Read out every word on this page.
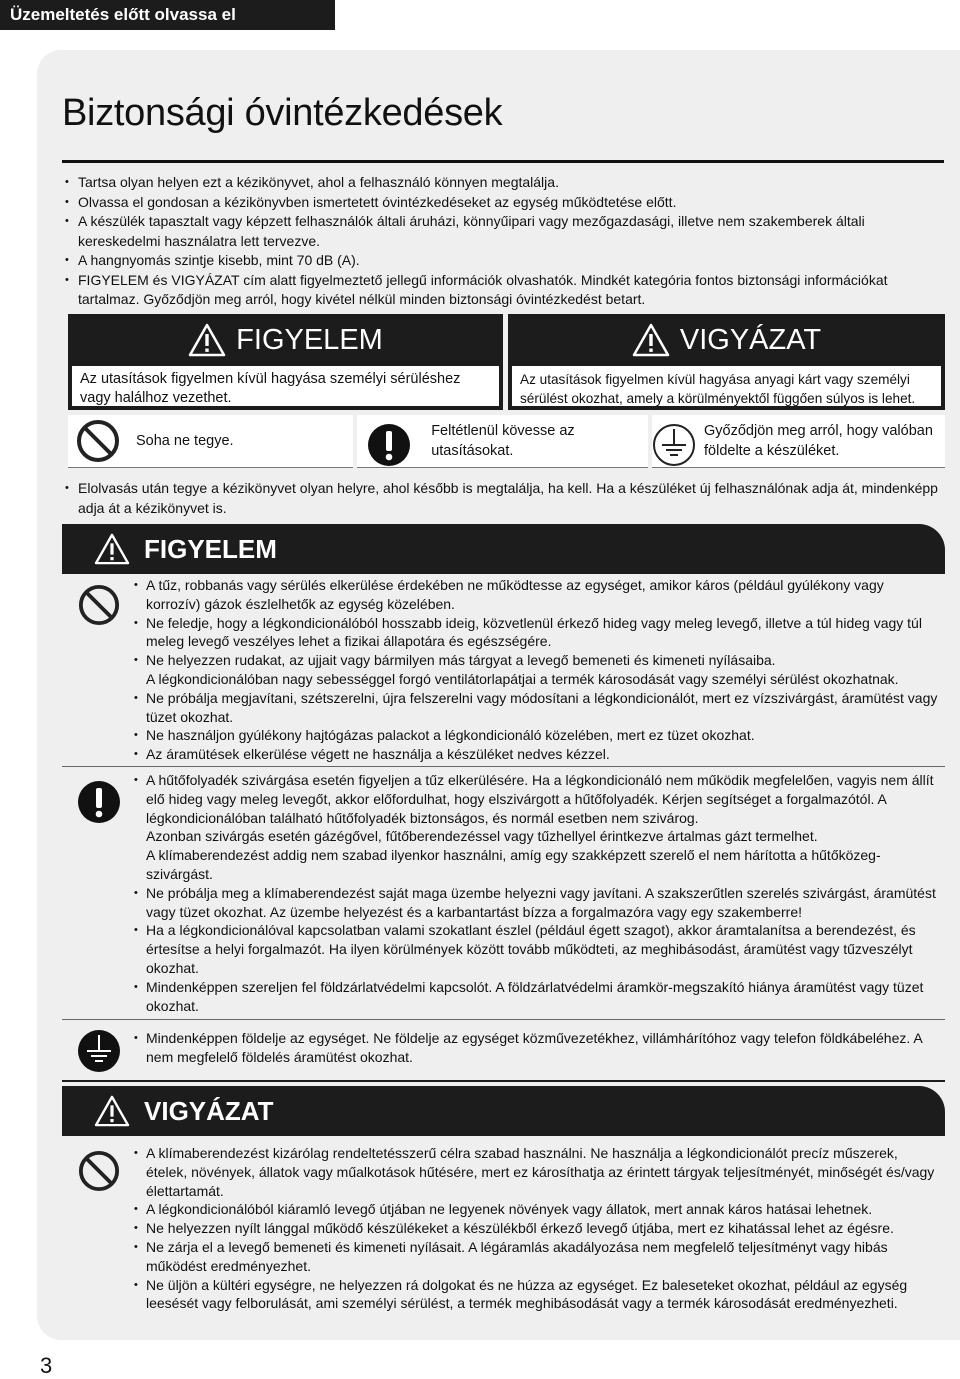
Üzemeltetés előtt olvassa el
Biztonsági óvintézkedések
• Tartsa olyan helyen ezt a kézikönyvet, ahol a felhasználó könnyen megtalálja.
• Olvassa el gondosan a kézikönyvben ismertetett óvintézkedéseket az egység működtetése előtt.
• A készülék tapasztalt vagy képzett felhasználók általi áruházi, könnyűipari vagy mezőgazdasági, illetve nem szakemberek általi kereskedelmi használatra lett tervezve.
• A hangnyomás szintje kisebb, mint 70 dB (A).
• FIGYELEM és VIGYÁZAT cím alatt figyelmeztető jellegű információk olvashatók. Mindkét kategória fontos biztonsági információkat tartalmaz. Győződjön meg arról, hogy kivétel nélkül minden biztonsági óvintézkedést betart.
FIGYELEM
Az utasítások figyelmen kívül hagyása személyi sérüléshez vagy halálhoz vezethet.
VIGYÁZAT
Az utasítások figyelmen kívül hagyása anyagi kárt vagy személyi sérülést okozhat, amely a körülményektől függően súlyos is lehet.
Soha ne tegye.
Feltétlenül kövesse az utasításokat.
Győződjön meg arról, hogy valóban földelte a készüléket.
• Elolvasás után tegye a kézikönyvet olyan helyre, ahol később is megtalálja, ha kell. Ha a készüléket új felhasználónak adja át, mindenképp adja át a kézikönyvet is.
FIGYELEM
• A tűz, robbanás vagy sérülés elkerülése érdekében ne működtesse az egységet, amikor káros (például gyúlékony vagy korrozív) gázok észlelhetők az egység közelében.
• Ne feledje, hogy a légkondicionálóból hosszabb ideig, közvetlenül érkező hideg vagy meleg levegő, illetve a túl hideg vagy túl meleg levegő veszélyes lehet a fizikai állapotára és egészségére.
• Ne helyezzen rudakat, az ujjait vagy bármilyen más tárgyat a levegő bemeneti és kimeneti nyílásaiba.
A légkondicionálóban nagy sebességgel forgó ventilátorlapátjai a termék károsodását vagy személyi sérülést okozhatnak.
• Ne próbálja megjavítani, szétszerelni, újra felszerelni vagy módosítani a légkondicionálót, mert ez vízszivárgást, áramütést vagy tüzet okozhat.
• Ne használjon gyúlékony hajtógázas palackot a légkondicionáló közelében, mert ez tüzet okozhat.
• Az áramütések elkerülése végett ne használja a készüléket nedves kézzel.
• A hűtőfolyadék szivárgása esetén figyeljen a tűz elkerülésére. Ha a légkondicionáló nem működik megfelelően, vagyis nem állít elő hideg vagy meleg levegőt, akkor előfordulhat, hogy elszivárgott a hűtőfolyadék. Kérjen segítséget a forgalmazótól. A légkondicionálóban található hűtőfolyadék biztonságos, és normál esetben nem szivárog.
Azonban szivárgás esetén gázégővel, fűtőberendezéssel vagy tűzhellyel érintkezve ártalmas gázt termelhet.
A klímaberendezést addig nem szabad ilyenkor használni, amíg egy szakképzett szerelő el nem hárította a hűtőközeg-szivárgást.
• Ne próbálja meg a klímaberendezést saját maga üzembe helyezni vagy javítani. A szakszerűtlen szerelés szivárgást, áramütést vagy tüzet okozhat. Az üzembe helyezést és a karbantartást bízza a forgalmazóra vagy egy szakemberre!
• Ha a légkondicionálóval kapcsolatban valami szokatlant észlel (például égett szagot), akkor áramtalanítsa a berendezést, és értesítse a helyi forgalmazót. Ha ilyen körülmények között tovább működteti, az meghibásodást, áramütést vagy tűzveszélyt okozhat.
• Mindenképpen szereljen fel földzárlatvédelmi kapcsolót. A földzárlatvédelmi áramkör-megszakító hiánya áramütést vagy tüzet okozhat.
• Mindenképpen földelje az egységet. Ne földelje az egységet közművezetékhez, villámhárítóhoz vagy telefon földkábeléhez. A nem megfelelő földelés áramütést okozhat.
VIGYÁZAT
• A klímaberendezést kizárólag rendeltetésszerű célra szabad használni. Ne használja a légkondicionálót precíz műszerek, ételek, növények, állatok vagy műalkotások hűtésére, mert ez károsíthatja az érintett tárgyak teljesítményét, minőségét és/vagy élettartamát.
• A légkondicionálóból kiáramló levegő útjában ne legyenek növények vagy állatok, mert annak káros hatásai lehetnek.
• Ne helyezzen nyílt lánggal működő készülékeket a készülékből érkező levegő útjába, mert ez kihatással lehet az égésre.
• Ne zárja el a levegő bemeneti és kimeneti nyílásait. A légáramlás akadályozása nem megfelelő teljesítményt vagy hibás működést eredményezhet.
• Ne üljön a kültéri egységre, ne helyezzen rá dolgokat és ne húzza az egységet. Ez baleseteket okozhat, például az egység leesését vagy felborulását, ami személyi sérülést, a termék meghibásodását vagy a termék károsodását eredményezheti.
3
